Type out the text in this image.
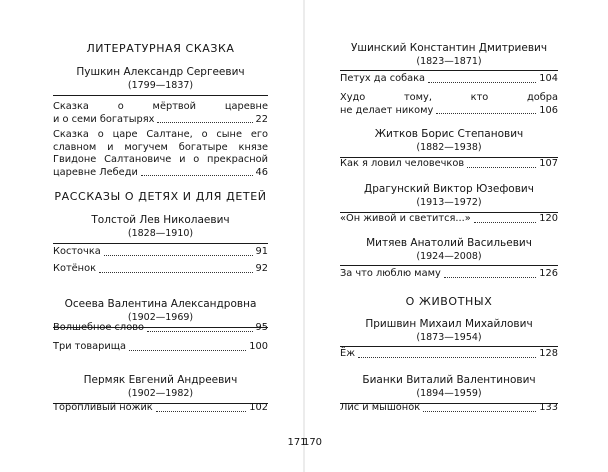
ЛИТЕРАТУРНАЯ СКАЗКА

Пушкин Александр Сергеевич

(1799—1837)

Сказка о мёртвой царевне
и о семи богатырях	22
Сказка о царе Салтане, о сыне его
славном и могучем богатыре князе
Гвидоне Салтановиче и о прекрасной
царевне Лебеди	46

РАССКАЗЫ О ДЕТЯХ И ДЛЯ ДЕТЕЙ

Толстой Лев Николаевич

(1828—1910)

Косточка	91
Котёнок	92

Осеева Валентина Александровна

(1902—1969)

Волшебное слово	95
Три товарища	100

Пермяк Евгений Андреевич

(1902—1982)

Торопливый ножик	102
170

Ушинский Константин Дмитриевич

(1823—1871)

Петух да собака	104
Худо тому, кто добра
не делает никому	106

Житков Борис Степанович

(1882—1938)

Как я ловил человечков	107

Драгунский Виктор Юзефович

(1913—1972)

«Он живой и светится...»	120

Митяев Анатолий Васильевич

(1924—2008)

За что люблю маму	126

О ЖИВОТНЫХ

Пришвин Михаил Михайлович

(1873—1954)

Ёж	128

Бианки Виталий Валентинович

(1894—1959)

Лис и мышонок	133
171
